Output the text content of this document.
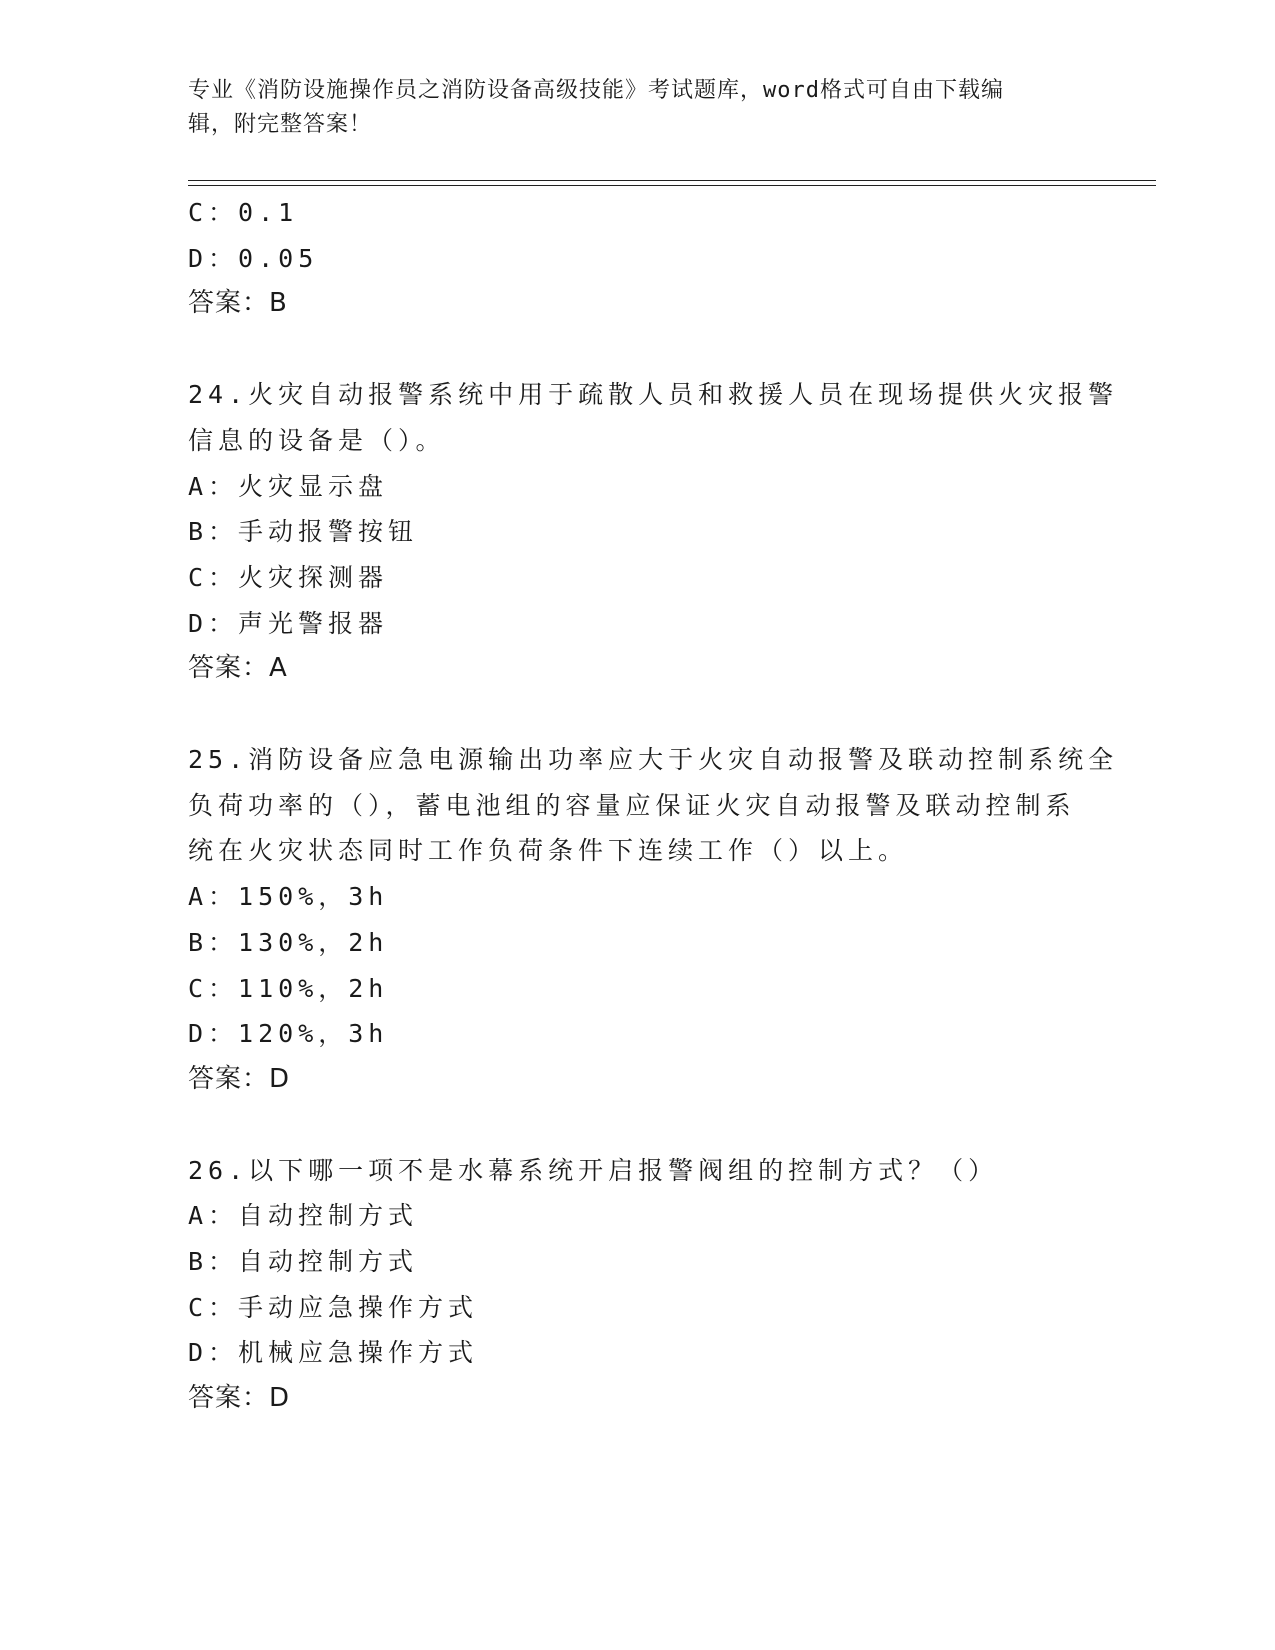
专业《消防设施操作员之消防设备高级技能》考试题库，word格式可自由下载编
辑，附完整答案！
C：0.1
D：0.05
答案：B
24.火灾自动报警系统中用于疏散人员和救援人员在现场提供火灾报警
信息的设备是（）。
A：火灾显示盘
B：手动报警按钮
C：火灾探测器
D：声光警报器
答案：A
25.消防设备应急电源输出功率应大于火灾自动报警及联动控制系统全
负荷功率的（），蓄电池组的容量应保证火灾自动报警及联动控制系
统在火灾状态同时工作负荷条件下连续工作（）以上。
A：150%，3h
B：130%，2h
C：110%，2h
D：120%，3h
答案：D
26.以下哪一项不是水幕系统开启报警阀组的控制方式？（）
A：自动控制方式
B：自动控制方式
C：手动应急操作方式
D：机械应急操作方式
答案：D
